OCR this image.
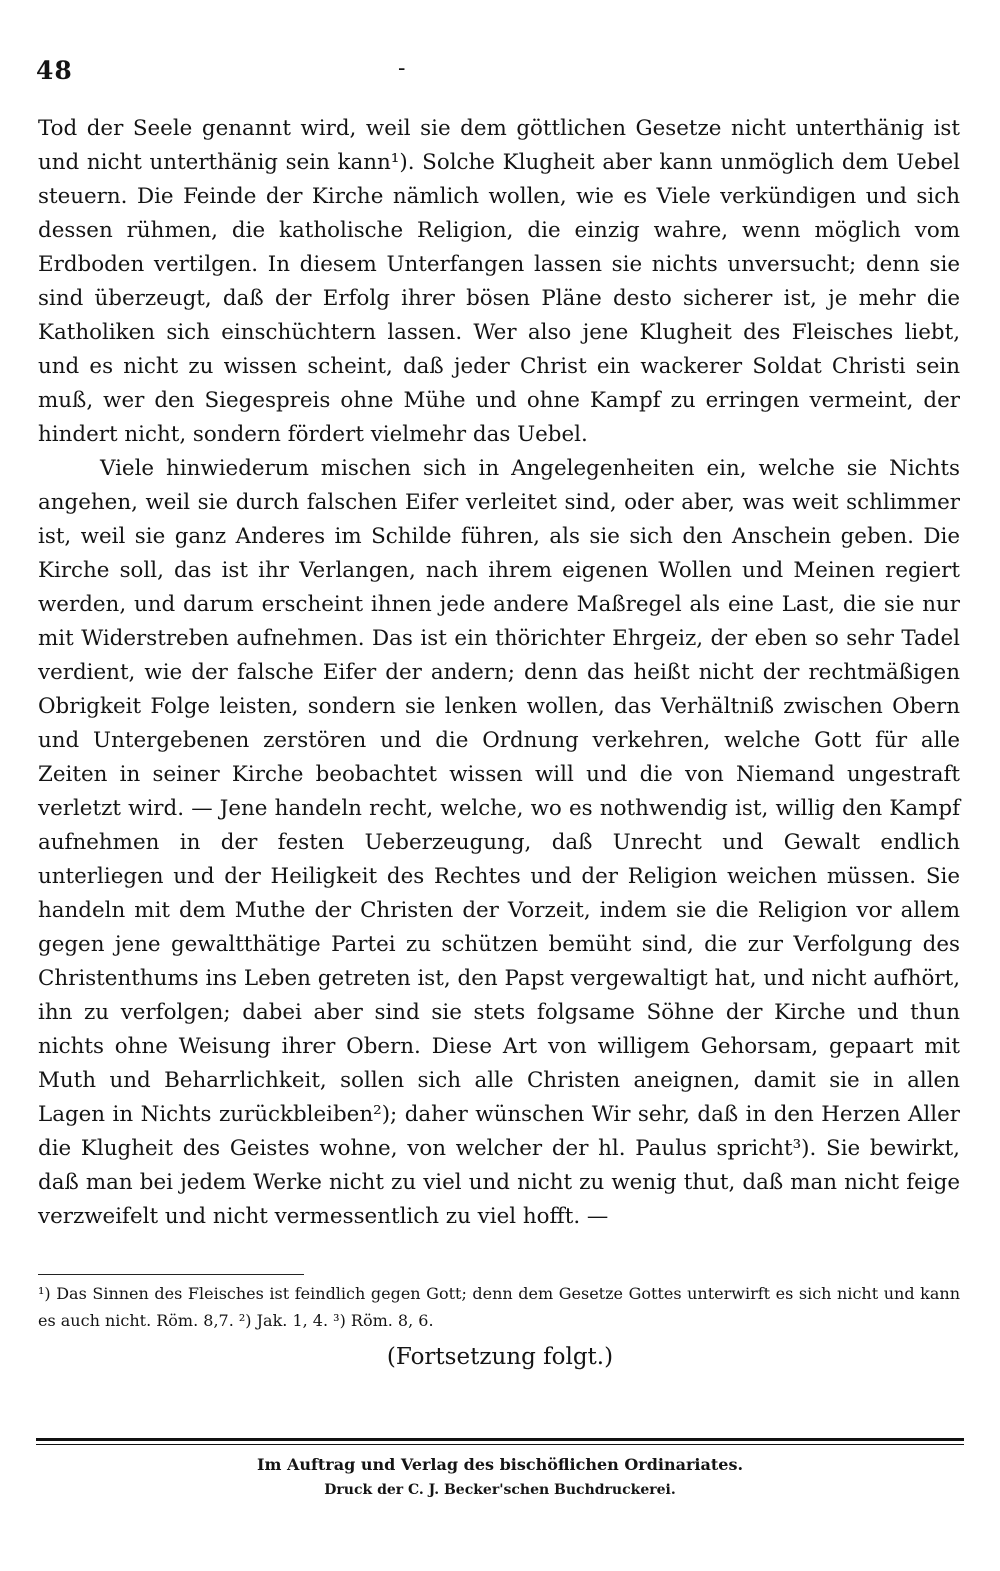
48	-

Tod der Seele genannt wird, weil sie dem göttlichen Gesetze nicht unterthänig ist und nicht unterthänig sein kann¹). Solche Klugheit aber kann unmöglich dem Uebel steuern. Die Feinde der Kirche nämlich wollen, wie es Viele verkündigen und sich dessen rühmen, die katholische Religion, die einzig wahre, wenn möglich vom Erdboden vertilgen. In diesem Unterfangen lassen sie nichts unversucht; denn sie sind überzeugt, daß der Erfolg ihrer bösen Pläne desto sicherer ist, je mehr die Katholiken sich einschüchtern lassen. Wer also jene Klugheit des Fleisches liebt, und es nicht zu wissen scheint, daß jeder Christ ein wackerer Soldat Christi sein muß, wer den Siegespreis ohne Mühe und ohne Kampf zu erringen vermeint, der hindert nicht, sondern fördert vielmehr das Uebel.

Viele hinwiederum mischen sich in Angelegenheiten ein, welche sie Nichts angehen, weil sie durch falschen Eifer verleitet sind, oder aber, was weit schlimmer ist, weil sie ganz Anderes im Schilde führen, als sie sich den Anschein geben. Die Kirche soll, das ist ihr Verlangen, nach ihrem eigenen Wollen und Meinen regiert werden, und darum erscheint ihnen jede andere Maßregel als eine Last, die sie nur mit Widerstreben aufnehmen. Das ist ein thörichter Ehrgeiz, der eben so sehr Tadel verdient, wie der falsche Eifer der andern; denn das heißt nicht der rechtmäßigen Obrigkeit Folge leisten, sondern sie lenken wollen, das Verhältniß zwischen Obern und Untergebenen zerstören und die Ordnung verkehren, welche Gott für alle Zeiten in seiner Kirche beobachtet wissen will und die von Niemand ungestraft verletzt wird. — Jene handeln recht, welche, wo es nothwendig ist, willig den Kampf aufnehmen in der festen Ueberzeugung, daß Unrecht und Gewalt endlich unterliegen und der Heiligkeit des Rechtes und der Religion weichen müssen. Sie handeln mit dem Muthe der Christen der Vorzeit, indem sie die Religion vor allem gegen jene gewaltthätige Partei zu schützen bemüht sind, die zur Verfolgung des Christenthums ins Leben getreten ist, den Papst vergewaltigt hat, und nicht aufhört, ihn zu verfolgen; dabei aber sind sie stets folgsame Söhne der Kirche und thun nichts ohne Weisung ihrer Obern. Diese Art von willigem Gehorsam, gepaart mit Muth und Beharrlichkeit, sollen sich alle Christen aneignen, damit sie in allen Lagen in Nichts zurückbleiben²); daher wünschen Wir sehr, daß in den Herzen Aller die Klugheit des Geistes wohne, von welcher der hl. Paulus spricht³). Sie bewirkt, daß man bei jedem Werke nicht zu viel und nicht zu wenig thut, daß man nicht feige verzweifelt und nicht vermessentlich zu viel hofft. —

¹) Das Sinnen des Fleisches ist feindlich gegen Gott; denn dem Gesetze Gottes unterwirft es sich nicht und kann es auch nicht. Röm. 8,7. ²) Jak. 1, 4. ³) Röm. 8, 6.

(Fortsetzung folgt.)
Im Auftrag und Verlag des bischöflichen Ordinariates.
Druck der C. J. Becker'schen Buchdruckerei.
